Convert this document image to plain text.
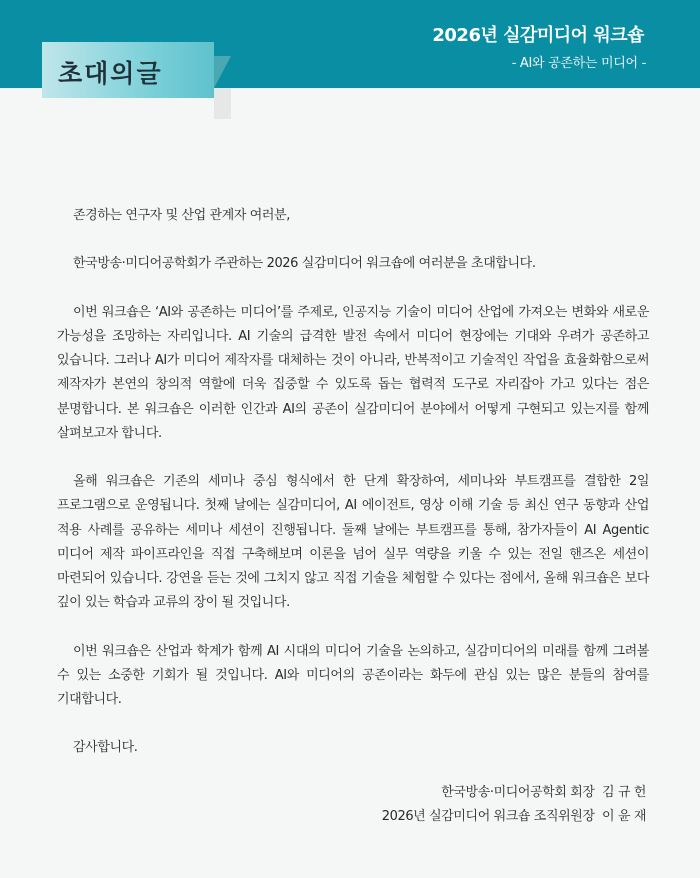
2026년 실감미디어 워크숍
- AI와 공존하는 미디어 -
초대의글

존경하는 연구자 및 산업 관계자 여러분,

한국방송·미디어공학회가 주관하는 2026 실감미디어 워크숍에 여러분을 초대합니다.

이번 워크숍은 ‘AI와 공존하는 미디어’를 주제로, 인공지능 기술이 미디어 산업에 가져오는 변화와 새로운 가능성을 조망하는 자리입니다. AI 기술의 급격한 발전 속에서 미디어 현장에는 기대와 우려가 공존하고 있습니다. 그러나 AI가 미디어 제작자를 대체하는 것이 아니라, 반복적이고 기술적인 작업을 효율화함으로써 제작자가 본연의 창의적 역할에 더욱 집중할 수 있도록 돕는 협력적 도구로 자리잡아 가고 있다는 점은 분명합니다. 본 워크숍은 이러한 인간과 AI의 공존이 실감미디어 분야에서 어떻게 구현되고 있는지를 함께 살펴보고자 합니다.

올해 워크숍은 기존의 세미나 중심 형식에서 한 단계 확장하여, 세미나와 부트캠프를 결합한 2일 프로그램으로 운영됩니다. 첫째 날에는 실감미디어, AI 에이전트, 영상 이해 기술 등 최신 연구 동향과 산업 적용 사례를 공유하는 세미나 세션이 진행됩니다. 둘째 날에는 부트캠프를 통해, 참가자들이 AI Agentic 미디어 제작 파이프라인을 직접 구축해보며 이론을 넘어 실무 역량을 키울 수 있는 전일 핸즈온 세션이 마련되어 있습니다. 강연을 듣는 것에 그치지 않고 직접 기술을 체험할 수 있다는 점에서, 올해 워크숍은 보다 깊이 있는 학습과 교류의 장이 될 것입니다.

이번 워크숍은 산업과 학계가 함께 AI 시대의 미디어 기술을 논의하고, 실감미디어의 미래를 함께 그려볼 수 있는 소중한 기회가 될 것입니다. AI와 미디어의 공존이라는 화두에 관심 있는 많은 분들의 참여를 기대합니다.

감사합니다.

한국방송·미디어공학회 회장  김 규 헌
2026년 실감미디어 워크숍 조직위원장  이 윤 재
